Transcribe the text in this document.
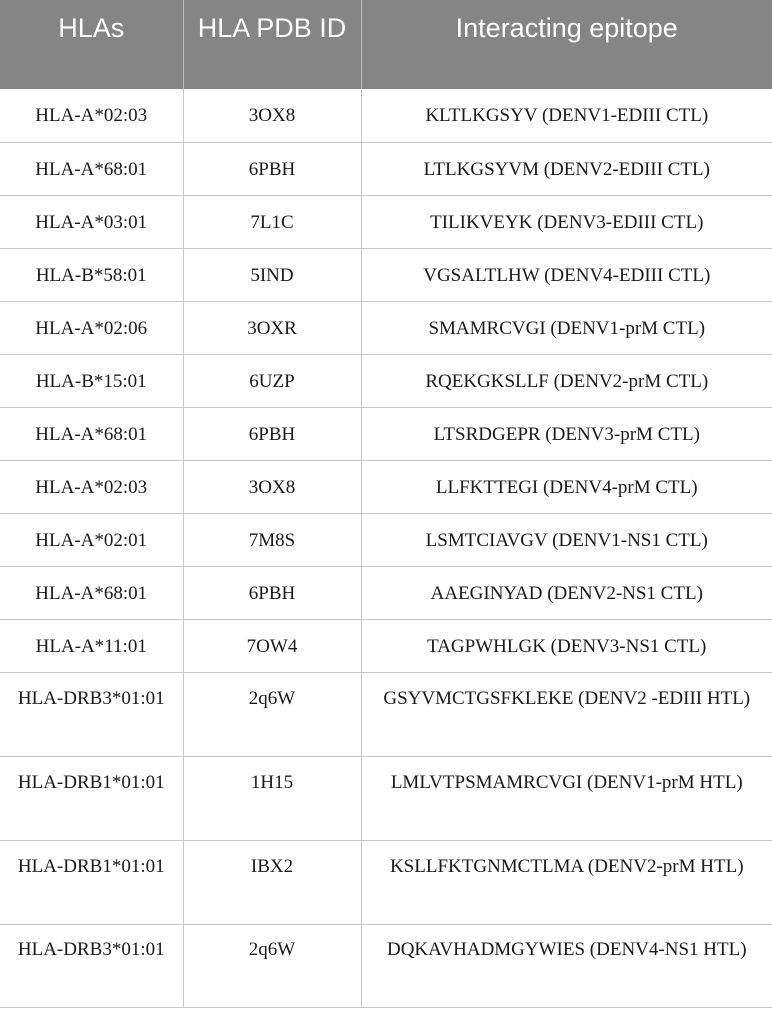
HLAs	HLA PDB ID	Interacting epitope

HLA-A*02:03	3OX8	KLTLKGSYV (DENV1-EDIII CTL)

HLA-A*68:01	6PBH	LTLKGSYVM (DENV2-EDIII CTL)

HLA-A*03:01	7L1C	TILIKVEYK (DENV3-EDIII CTL)

HLA-B*58:01	5IND	VGSALTLHW (DENV4-EDIII CTL)

HLA-A*02:06	3OXR	SMAMRCVGI (DENV1-prM CTL)

HLA-B*15:01	6UZP	RQEKGKSLLF (DENV2-prM CTL)

HLA-A*68:01	6PBH	LTSRDGEPR (DENV3-prM CTL)

HLA-A*02:03	3OX8	LLFKTTEGI (DENV4-prM CTL)

HLA-A*02:01	7M8S	LSMTCIAVGV (DENV1-NS1 CTL)

HLA-A*68:01	6PBH	AAEGINYAD (DENV2-NS1 CTL)

HLA-A*11:01	7OW4	TAGPWHLGK (DENV3-NS1 CTL)

HLA-DRB3*01:01	2q6W	GSYVMCTGSFKLEKE (DENV2 -EDIII HTL)

HLA-DRB1*01:01	1H15	LMLVTPSMAMRCVGI (DENV1-prM HTL)

HLA-DRB1*01:01	IBX2	KSLLFKTGNMCTLMA (DENV2-prM HTL)

HLA-DRB3*01:01	2q6W	DQKAVHADMGYWIES (DENV4-NS1 HTL)
